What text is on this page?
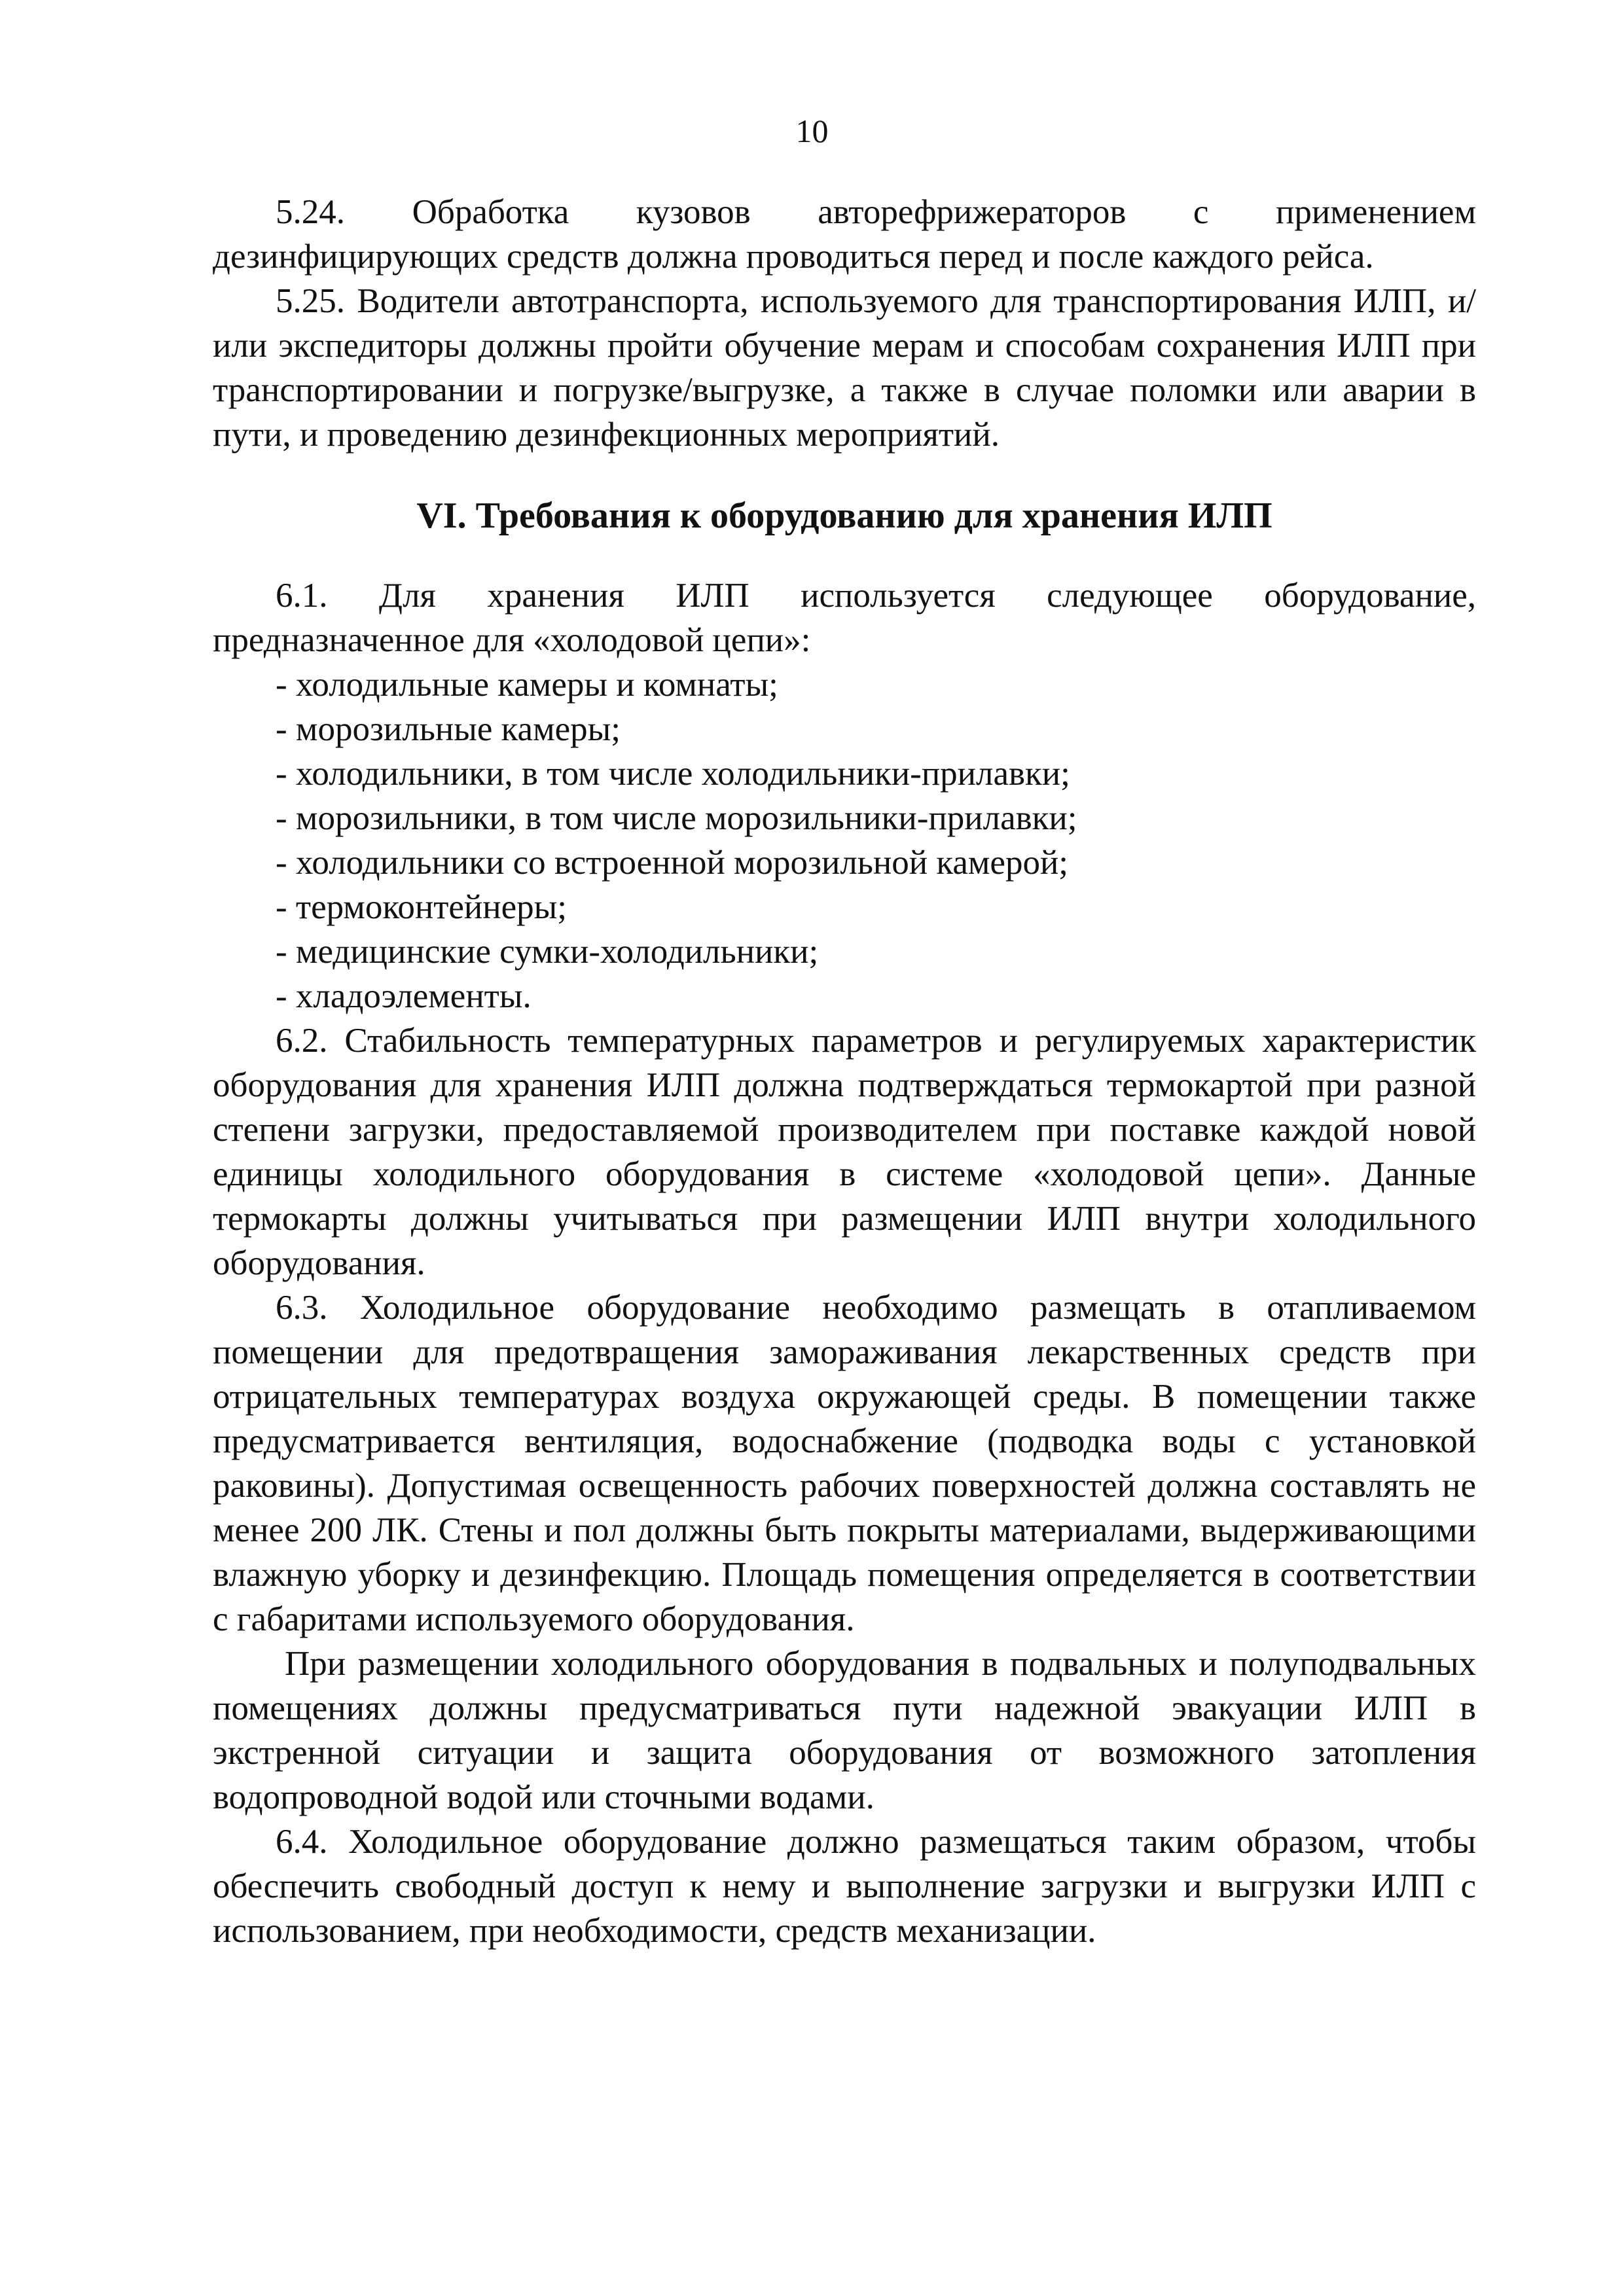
10

5.24. Обработка кузовов авторефрижераторов с применением дезинфицирующих средств должна проводиться перед и после каждого рейса.

5.25. Водители автотранспорта, используемого для транспортирования ИЛП, и/или экспедиторы должны пройти обучение мерам и способам сохранения ИЛП при транспортировании и погрузке/выгрузке, а также в случае поломки или аварии в пути, и проведению дезинфекционных мероприятий.

VI. Требования к оборудованию для хранения ИЛП

6.1. Для хранения ИЛП используется следующее оборудование, предназначенное для «холодовой цепи»:

- холодильные камеры и комнаты;
- морозильные камеры;
- холодильники, в том числе холодильники-прилавки;
- морозильники, в том числе морозильники-прилавки;
- холодильники со встроенной морозильной камерой;
- термоконтейнеры;
- медицинские сумки-холодильники;
- хладоэлементы.

6.2. Стабильность температурных параметров и регулируемых характеристик оборудования для хранения ИЛП должна подтверждаться термокартой при разной степени загрузки, предоставляемой производителем при поставке каждой новой единицы холодильного оборудования в системе «холодовой цепи». Данные термокарты должны учитываться при размещении ИЛП внутри холодильного оборудования.

6.3. Холодильное оборудование необходимо размещать в отапливаемом помещении для предотвращения замораживания лекарственных средств при отрицательных температурах воздуха окружающей среды. В помещении также предусматривается вентиляция, водоснабжение (подводка воды с установкой раковины). Допустимая освещенность рабочих поверхностей должна составлять не менее 200 ЛК. Стены и пол должны быть покрыты материалами, выдерживающими влажную уборку и дезинфекцию. Площадь помещения определяется в соответствии с габаритами используемого оборудования.

При размещении холодильного оборудования в подвальных и полуподвальных помещениях должны предусматриваться пути надежной эвакуации ИЛП в экстренной ситуации и защита оборудования от возможного затопления водопроводной водой или сточными водами.

6.4. Холодильное оборудование должно размещаться таким образом, чтобы обеспечить свободный доступ к нему и выполнение загрузки и выгрузки ИЛП с использованием, при необходимости, средств механизации.
